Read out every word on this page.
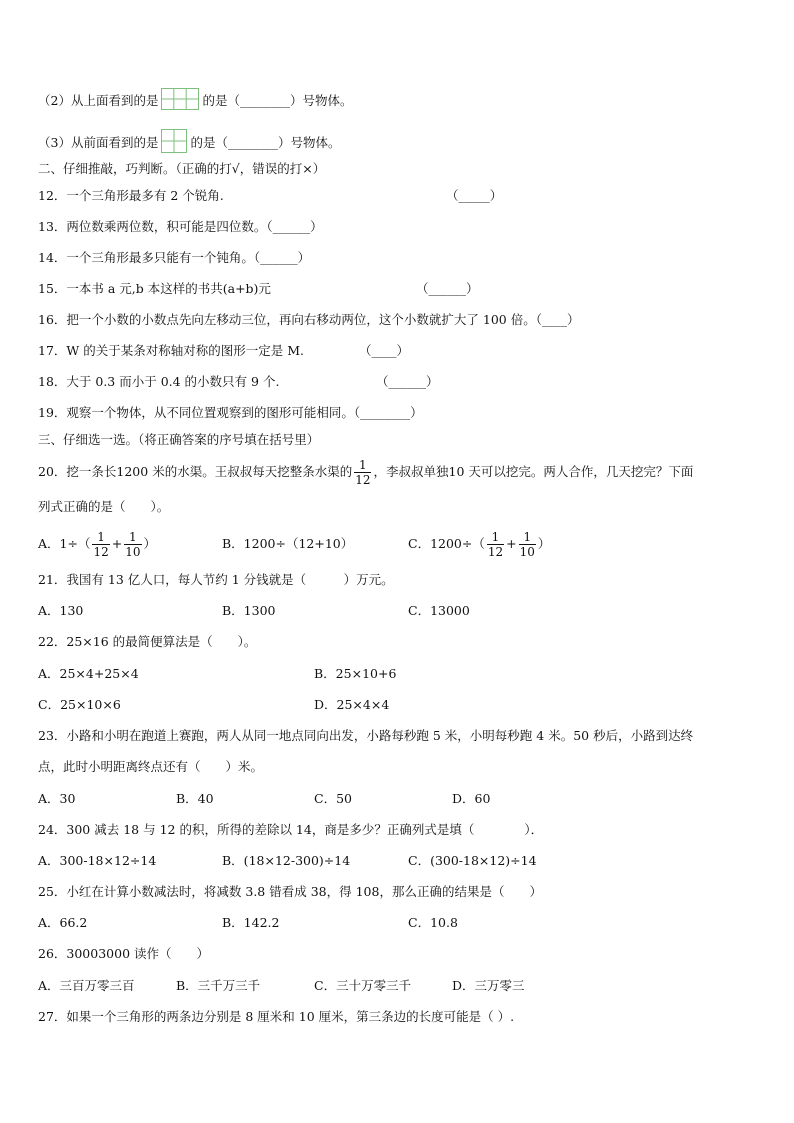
（2）从上面看到的是	的是（________）号物体。
（3）从前面看到的是	的是（________）号物体。
二、仔细推敲，巧判断。（正确的打√，错误的打×）
12．一个三角形最多有 2 个锐角.	（_____）
13．两位数乘两位数，积可能是四位数。（______）
14．一个三角形最多只能有一个钝角。（______）
15．一本书 a 元,b 本这样的书共(a+b)元	（______）
16．把一个小数的小数点先向左移动三位，再向右移动两位，这个小数就扩大了 100 倍。（____）
17．W 的关于某条对称轴对称的图形一定是 M.	（____）
18．大于 0.3 而小于 0.4 的小数只有 9 个.	（______）
19．观察一个物体，从不同位置观察到的图形可能相同。（________）
三、仔细选一选。（将正确答案的序号填在括号里）
20．挖一条长1200 米的水渠。王叔叔每天挖整条水渠的 $\frac{1}{12}$ ，李叔叔单独10 天可以挖完。两人合作，几天挖完？下面
列式正确的是（　　）。
A．$1\div( \frac{1}{12} + \frac{1}{10}$ ）	B．1200÷（12+10）	C．$1200\div( \frac{1}{12} + \frac{1}{10}$ ）
21．我国有 13 亿人口，每人节约 1 分钱就是（　　　）万元。
A．130	B．1300	C．13000
22．25×16 的最简便算法是（　　）。
A．25×4+25×4	B．25×10+6
C．25×10×6	D．25×4×4
23．小路和小明在跑道上赛跑，两人从同一地点同向出发，小路每秒跑 5 米，小明每秒跑 4 米。50 秒后，小路到达终
点，此时小明距离终点还有（　　）米。
A．30	B．40	C．50	D．60
24．300 减去 18 与 12 的积，所得的差除以 14，商是多少？正确列式是填（　　　　）．
A．300-18×12÷14	B．(18×12-300)÷14	C．(300-18×12)÷14
25．小红在计算小数减法时，将减数 3.8 错看成 38，得 108，那么正确的结果是（　　）
A．66.2	B．142.2	C．10.8
26．30003000 读作（　　）
A．三百万零三百	B．三千万三千	C．三十万零三千	D．三万零三
27．如果一个三角形的两条边分别是 8 厘米和 10 厘米，第三条边的长度可能是（ ）.
